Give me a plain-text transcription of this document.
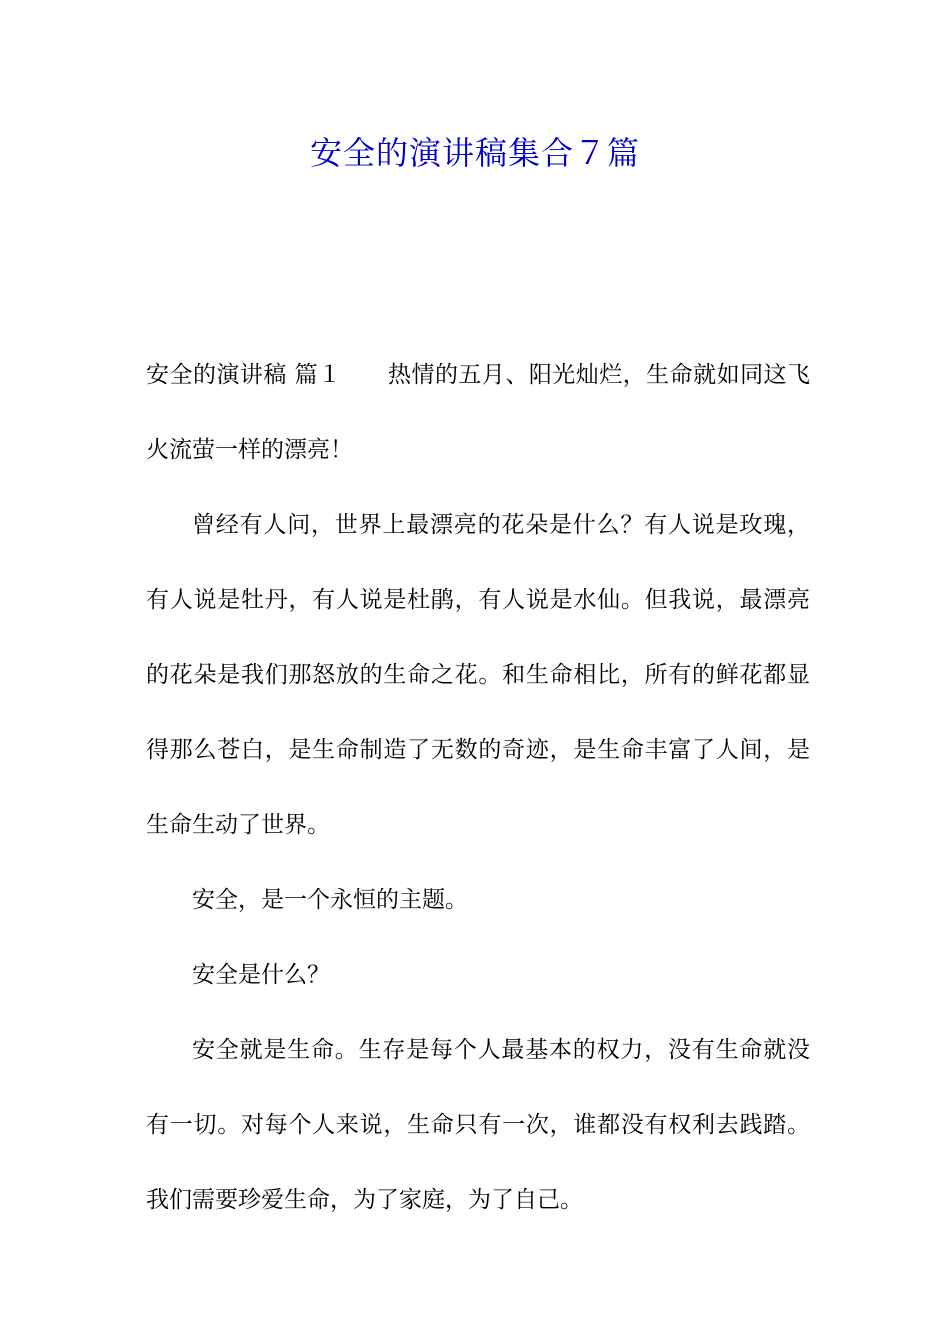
安全的演讲稿集合７篇

安全的演讲稿 篇１ 热情的五月、阳光灿烂，生命就如同这飞火流萤一样的漂亮！

曾经有人问，世界上最漂亮的花朵是什么？有人说是玫瑰，有人说是牡丹，有人说是杜鹃，有人说是水仙。但我说，最漂亮的花朵是我们那怒放的生命之花。和生命相比，所有的鲜花都显得那么苍白，是生命制造了无数的奇迹，是生命丰富了人间，是生命生动了世界。

安全，是一个永恒的主题。

安全是什么？

安全就是生命。生存是每个人最基本的权力，没有生命就没有一切。对每个人来说，生命只有一次，谁都没有权利去践踏。我们需要珍爱生命，为了家庭，为了自己。
